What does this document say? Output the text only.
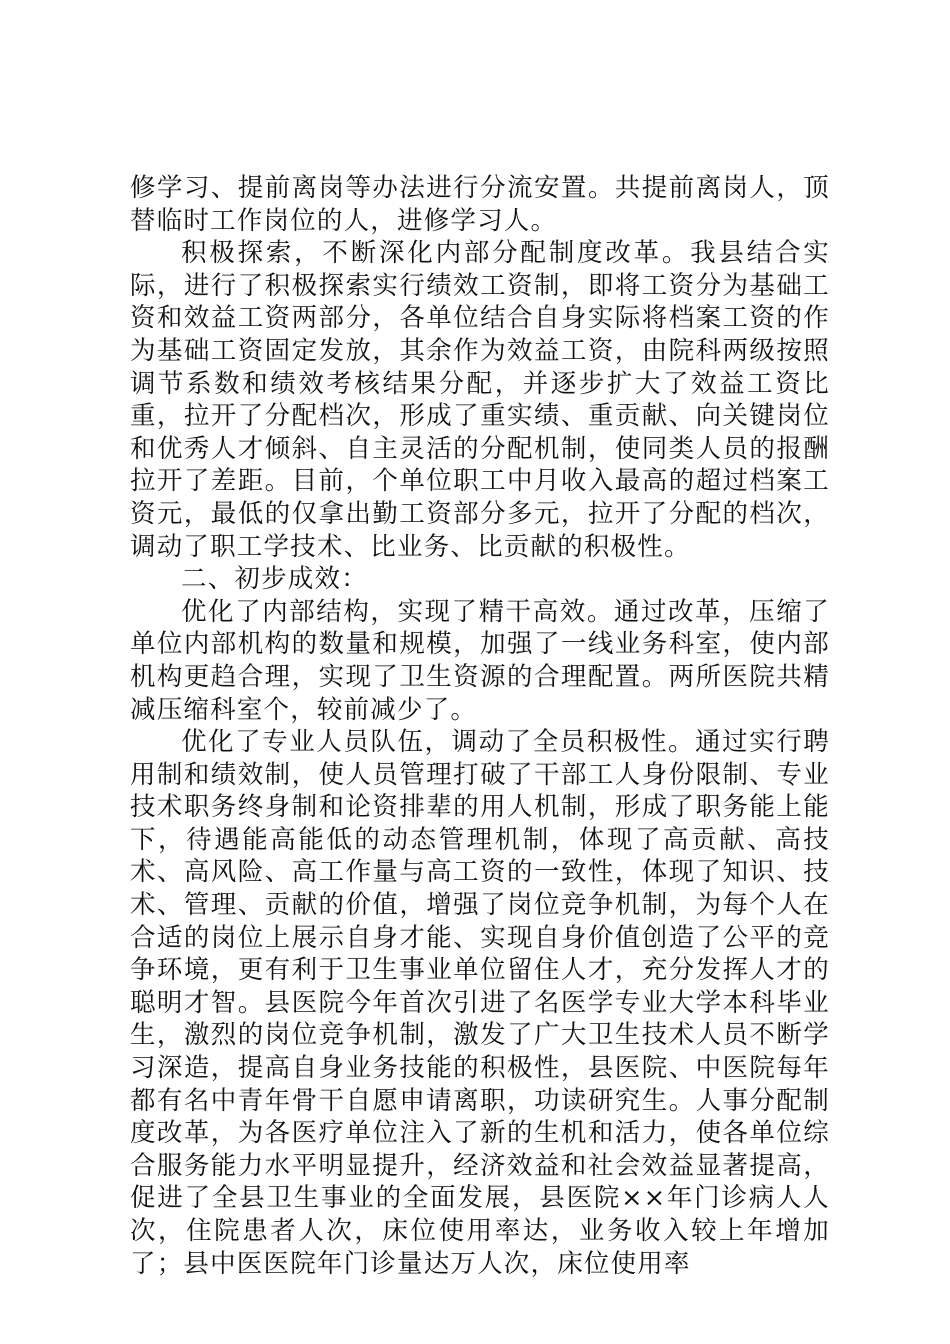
修学习、提前离岗等办法进行分流安置。共提前离岗人，顶替临时工作岗位的人，进修学习人。

积极探索，不断深化内部分配制度改革。我县结合实际，进行了积极探索实行绩效工资制，即将工资分为基础工资和效益工资两部分，各单位结合自身实际将档案工资的作为基础工资固定发放，其余作为效益工资，由院科两级按照调节系数和绩效考核结果分配，并逐步扩大了效益工资比重，拉开了分配档次，形成了重实绩、重贡献、向关键岗位和优秀人才倾斜、自主灵活的分配机制，使同类人员的报酬拉开了差距。目前，个单位职工中月收入最高的超过档案工资元，最低的仅拿出勤工资部分多元，拉开了分配的档次，调动了职工学技术、比业务、比贡献的积极性。

二、初步成效：

优化了内部结构，实现了精干高效。通过改革，压缩了单位内部机构的数量和规模，加强了一线业务科室，使内部机构更趋合理，实现了卫生资源的合理配置。两所医院共精减压缩科室个，较前减少了。

优化了专业人员队伍，调动了全员积极性。通过实行聘用制和绩效制，使人员管理打破了干部工人身份限制、专业技术职务终身制和论资排辈的用人机制，形成了职务能上能下，待遇能高能低的动态管理机制，体现了高贡献、高技术、高风险、高工作量与高工资的一致性，体现了知识、技术、管理、贡献的价值，增强了岗位竞争机制，为每个人在合适的岗位上展示自身才能、实现自身价值创造了公平的竞争环境，更有利于卫生事业单位留住人才，充分发挥人才的聪明才智。县医院今年首次引进了名医学专业大学本科毕业生，激烈的岗位竞争机制，激发了广大卫生技术人员不断学习深造，提高自身业务技能的积极性，县医院、中医院每年都有名中青年骨干自愿申请离职，功读研究生。人事分配制度改革，为各医疗单位注入了新的生机和活力，使各单位综合服务能力水平明显提升，经济效益和社会效益显著提高，促进了全县卫生事业的全面发展，县医院××年门诊病人人次，住院患者人次，床位使用率达，业务收入较上年增加了；县中医医院年门诊量达万人次，床位使用率
